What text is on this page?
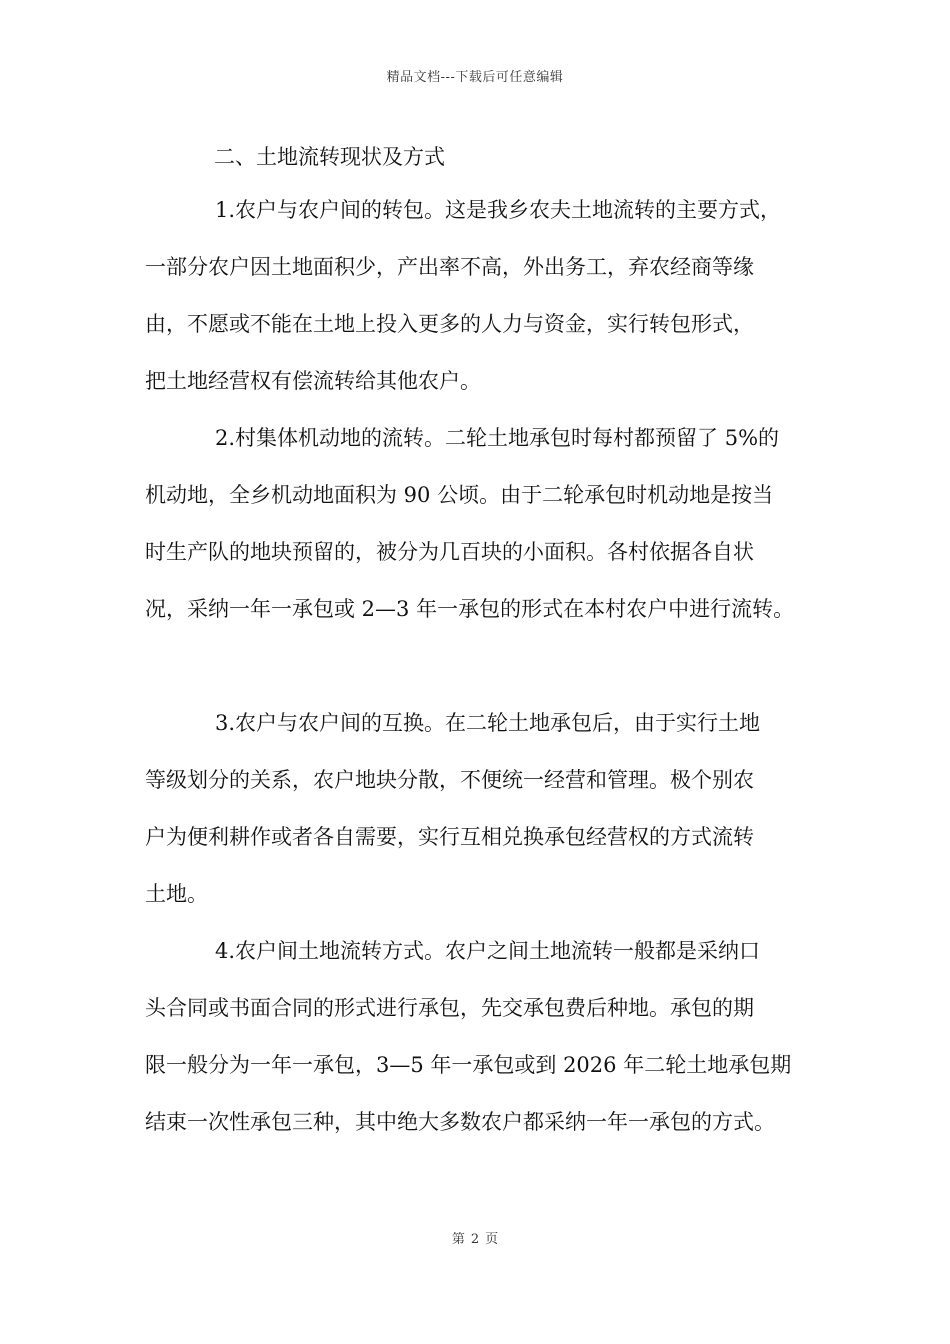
精品文档---下载后可任意编辑
二、土地流转现状及方式
1.农户与农户间的转包。这是我乡农夫土地流转的主要方式，
一部分农户因土地面积少，产出率不高，外出务工，弃农经商等缘
由，不愿或不能在土地上投入更多的人力与资金，实行转包形式，
把土地经营权有偿流转给其他农户。
2.村集体机动地的流转。二轮土地承包时每村都预留了 5%的
机动地，全乡机动地面积为 90 公顷。由于二轮承包时机动地是按当
时生产队的地块预留的，被分为几百块的小面积。各村依据各自状
况，采纳一年一承包或 2—3 年一承包的形式在本村农户中进行流转。
3.农户与农户间的互换。在二轮土地承包后，由于实行土地
等级划分的关系，农户地块分散，不便统一经营和管理。极个别农
户为便利耕作或者各自需要，实行互相兑换承包经营权的方式流转
土地。
4.农户间土地流转方式。农户之间土地流转一般都是采纳口
头合同或书面合同的形式进行承包，先交承包费后种地。承包的期
限一般分为一年一承包，3—5 年一承包或到 2026 年二轮土地承包期
结束一次性承包三种，其中绝大多数农户都采纳一年一承包的方式。
第 2 页
